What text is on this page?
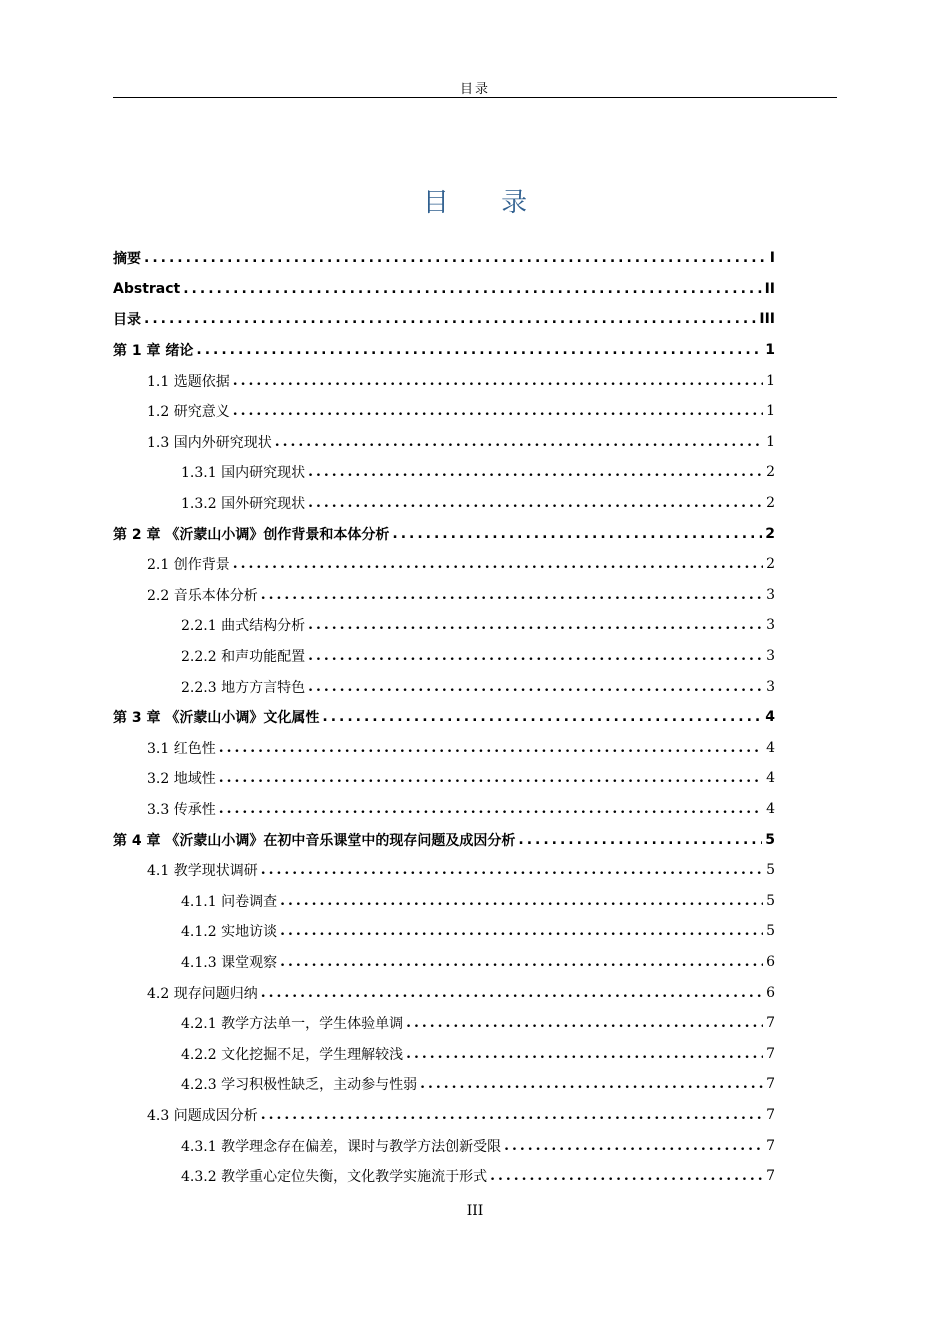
目录
目 录
摘要 .....	I
Abstract .....	II
目录 .....	III
第 1 章 绪论 .....	1
1.1 选题依据 .....	1
1.2 研究意义 .....	1
1.3 国内外研究现状 .....	1
1.3.1 国内研究现状 .....	2
1.3.2 国外研究现状 .....	2
第 2 章 《沂蒙山小调》创作背景和本体分析 .....	2
2.1 创作背景 .....	2
2.2 音乐本体分析 .....	3
2.2.1 曲式结构分析 .....	3
2.2.2 和声功能配置 .....	3
2.2.3 地方方言特色 .....	3
第 3 章 《沂蒙山小调》文化属性 .....	4
3.1 红色性 .....	4
3.2 地域性 .....	4
3.3 传承性 .....	4
第 4 章 《沂蒙山小调》在初中音乐课堂中的现存问题及成因分析 .....	5
4.1 教学现状调研 .....	5
4.1.1 问卷调查 .....	5
4.1.2 实地访谈 .....	5
4.1.3 课堂观察 .....	6
4.2 现存问题归纳 .....	6
4.2.1 教学方法单一，学生体验单调 .....	7
4.2.2 文化挖掘不足，学生理解较浅 .....	7
4.2.3 学习积极性缺乏，主动参与性弱 .....	7
4.3 问题成因分析 .....	7
4.3.1 教学理念存在偏差，课时与教学方法创新受限 .....	7
4.3.2 教学重心定位失衡，文化教学实施流于形式 .....	7
III
